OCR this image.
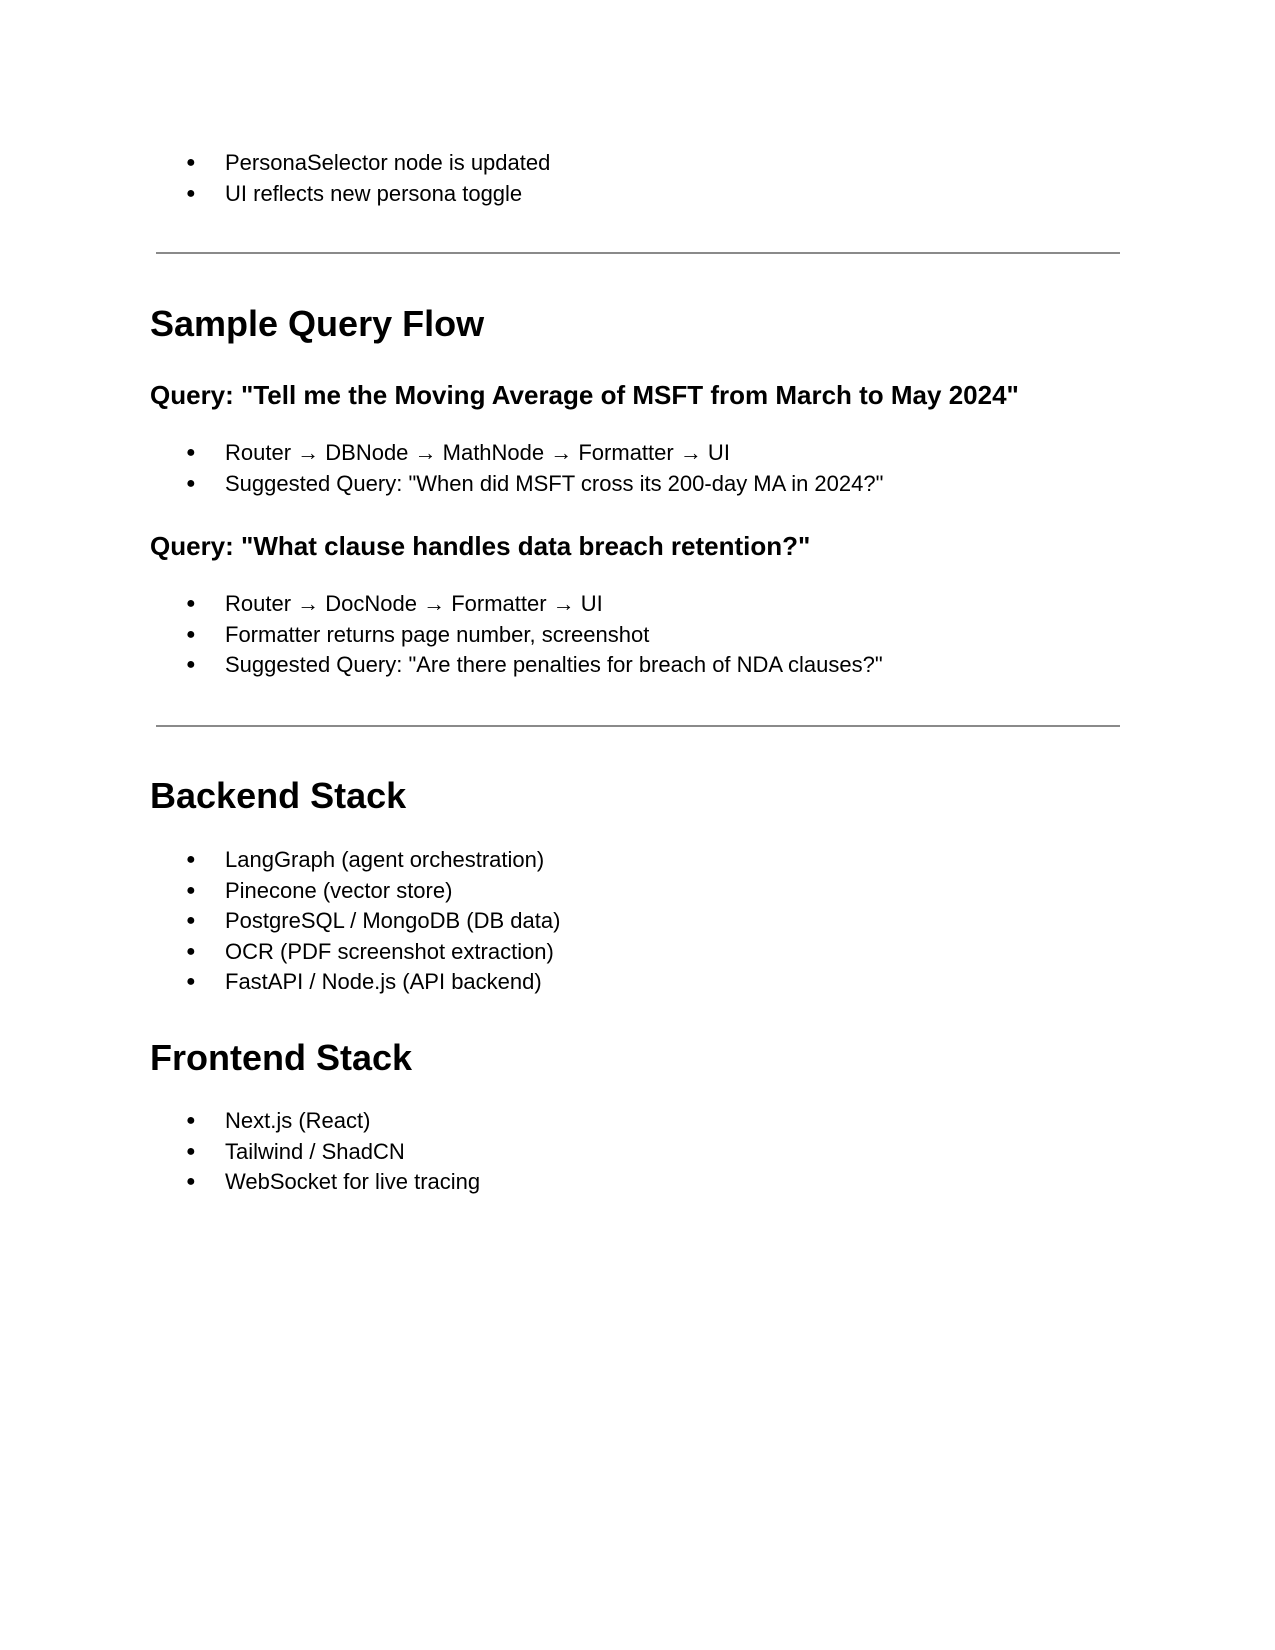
● PersonaSelector node is updated
● UI reflects new persona toggle
Sample Query Flow
Query: "Tell me the Moving Average of MSFT from March to May 2024"
● Router → DBNode → MathNode → Formatter → UI
● Suggested Query: "When did MSFT cross its 200-day MA in 2024?"
Query: "What clause handles data breach retention?"
● Router → DocNode → Formatter → UI
● Formatter returns page number, screenshot
● Suggested Query: "Are there penalties for breach of NDA clauses?"
Backend Stack
● LangGraph (agent orchestration)
● Pinecone (vector store)
● PostgreSQL / MongoDB (DB data)
● OCR (PDF screenshot extraction)
● FastAPI / Node.js (API backend)
Frontend Stack
● Next.js (React)
● Tailwind / ShadCN
● WebSocket for live tracing
